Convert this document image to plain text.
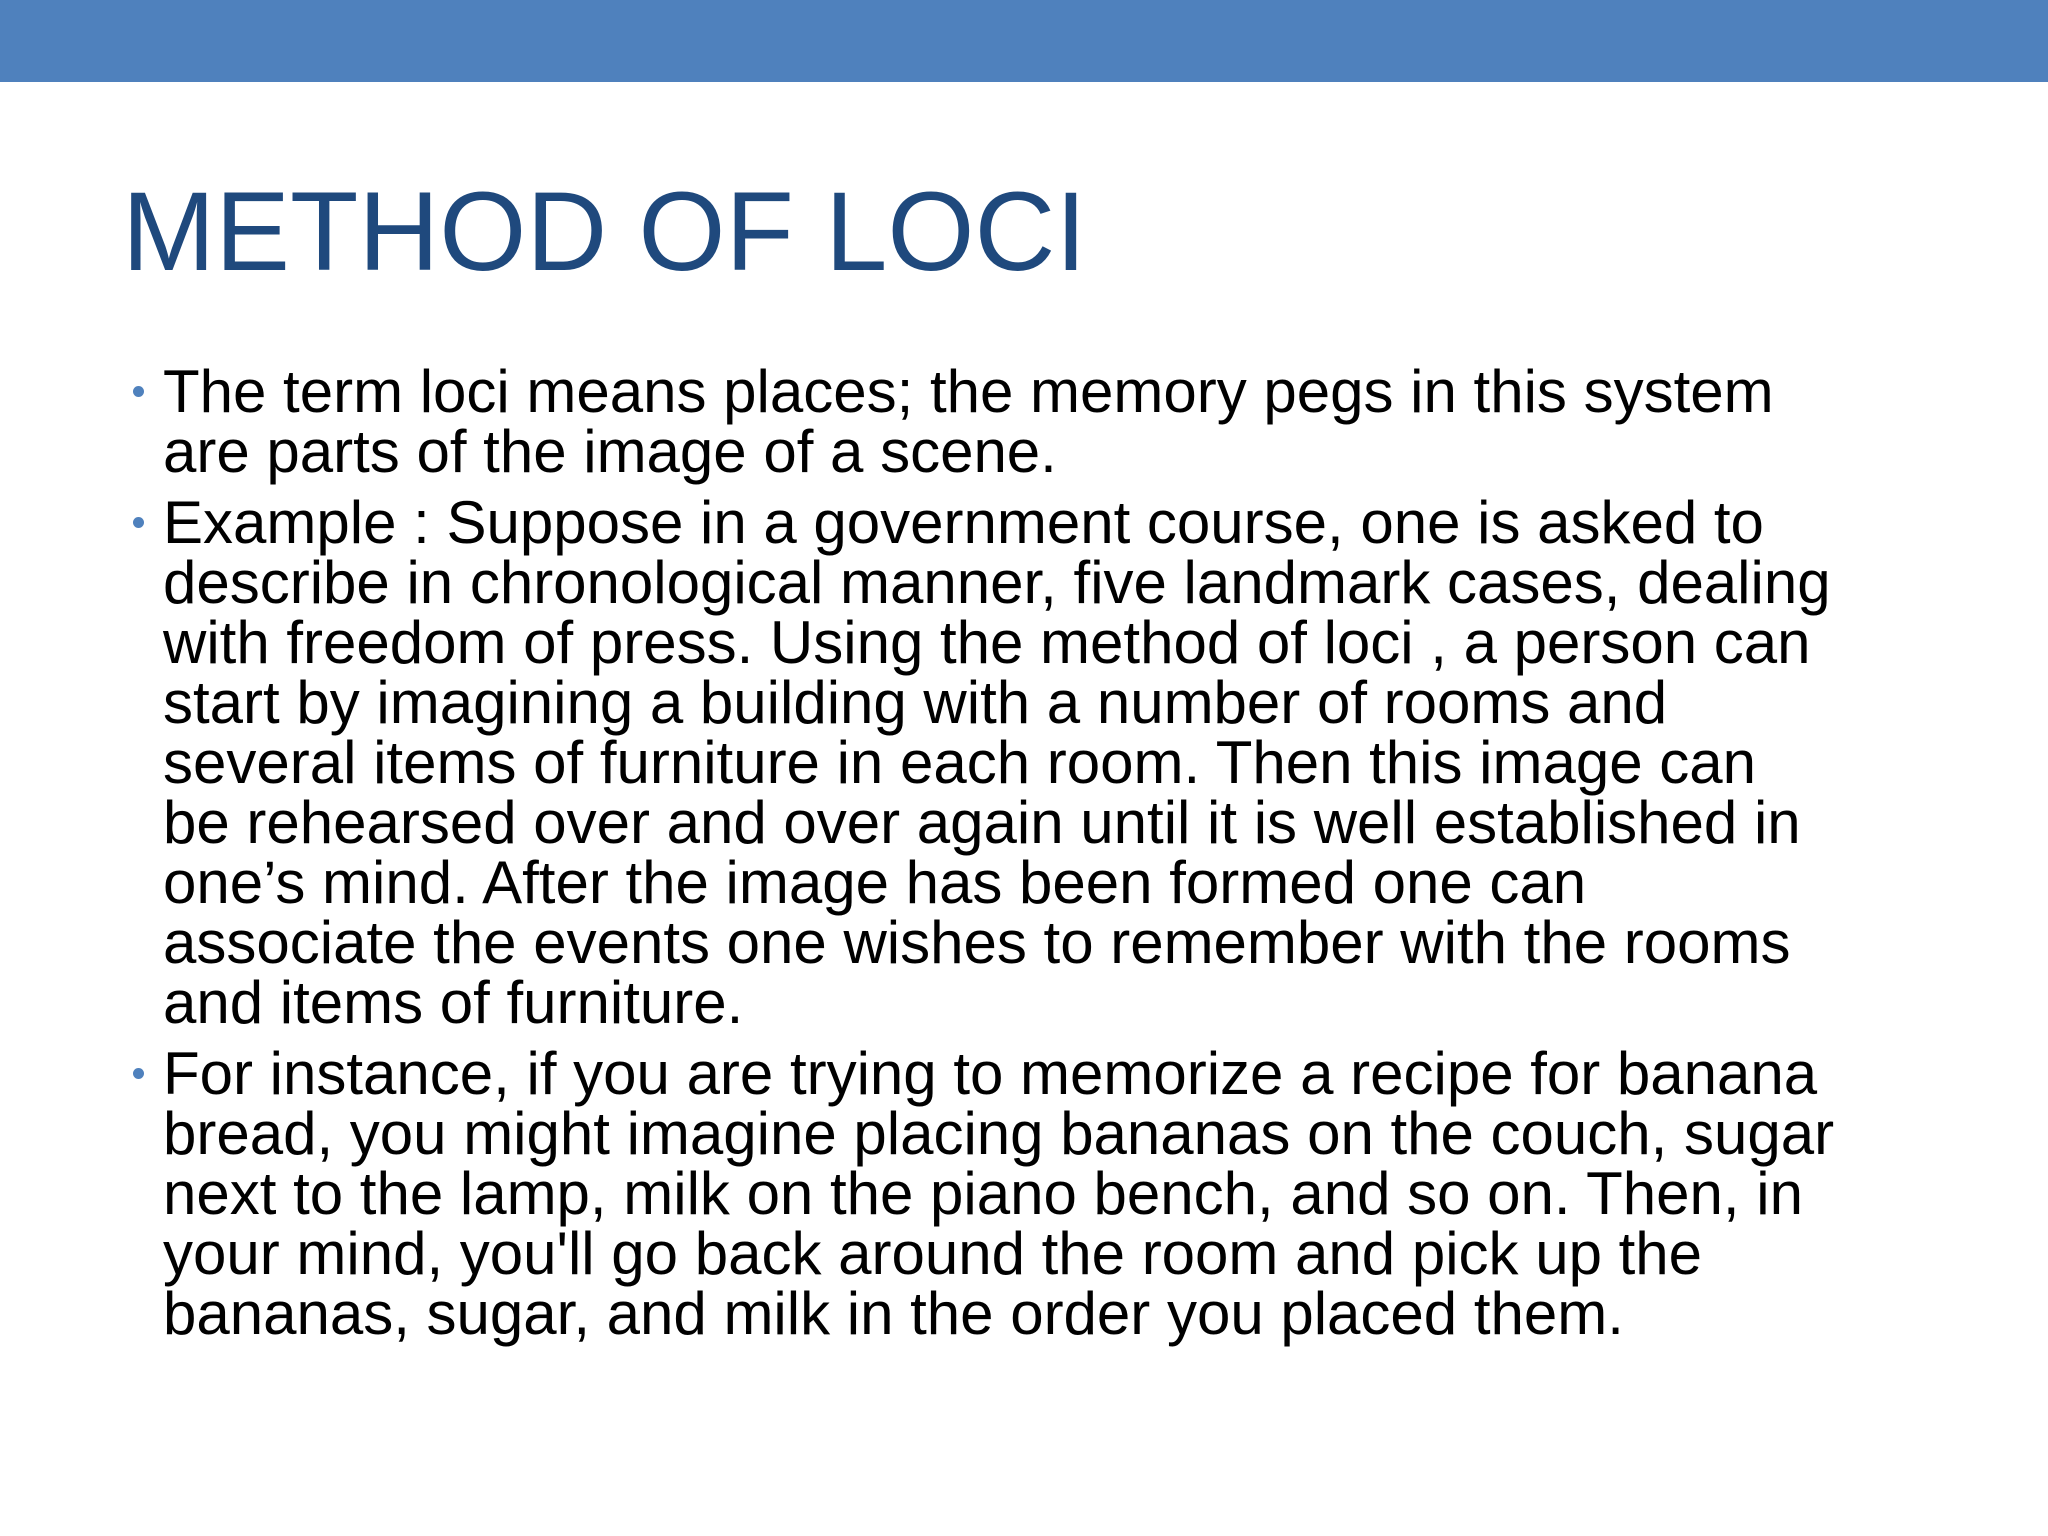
METHOD OF LOCI
The term loci means places; the memory pegs in this system
are parts of the image of a scene.
Example : Suppose in a government course, one is asked to
describe in chronological manner, five landmark cases, dealing
with freedom of press. Using the method of loci , a person can
start by imagining a building with a number of rooms and
several items of furniture in each room. Then this image can
be rehearsed over and over again until it is well established in
one’s mind. After the image has been formed one can
associate the events one wishes to remember with the rooms
and items of furniture.
For instance, if you are trying to memorize a recipe for banana
bread, you might imagine placing bananas on the couch, sugar
next to the lamp, milk on the piano bench, and so on. Then, in
your mind, you'll go back around the room and pick up the
bananas, sugar, and milk in the order you placed them.
